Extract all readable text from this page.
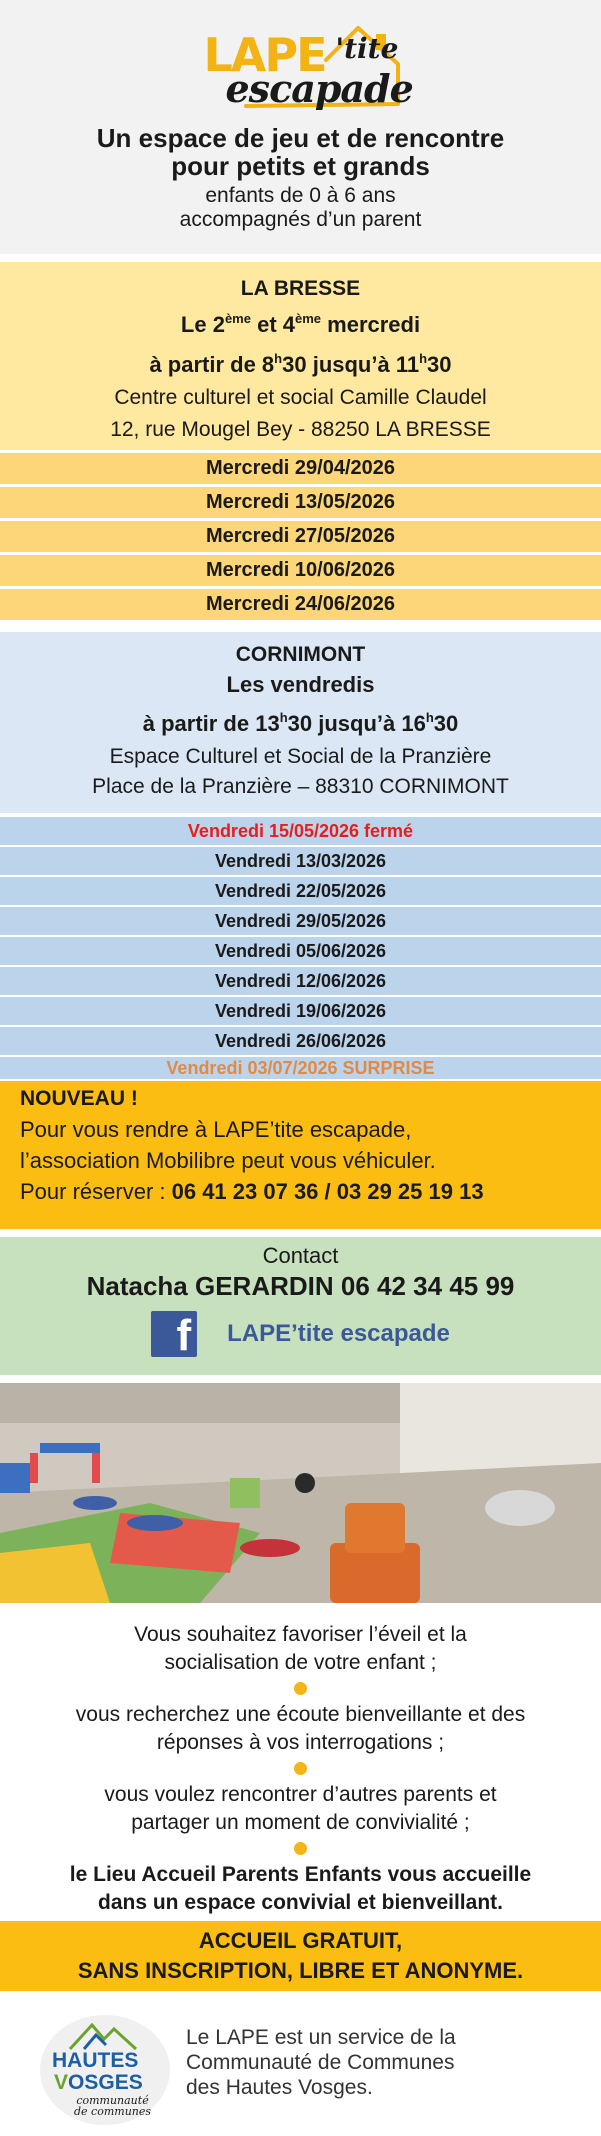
LAPE 'tite
escapade
Un espace de jeu et de rencontre
pour petits et grands
enfants de 0 à 6 ans
accompagnés d’un parent
LA BRESSE
Le 2ème et 4ème mercredi
à partir de 8$^h$30 jusqu’à 11$^h$30
Centre culturel et social Camille Claudel
12, rue Mougel Bey - 88250 LA BRESSE
Mercredi 29/04/2026
Mercredi 13/05/2026
Mercredi 27/05/2026
Mercredi 10/06/2026
Mercredi 24/06/2026
CORNIMONT
Les vendredis
à partir de 13$^h$30 jusqu’à 16$^h$30
Espace Culturel et Social de la Pranzière
Place de la Pranzière – 88310 CORNIMONT
Vendredi 15/05/2026 fermé
Vendredi 13/03/2026
Vendredi 22/05/2026
Vendredi 29/05/2026
Vendredi 05/06/2026
Vendredi 12/06/2026
Vendredi 19/06/2026
Vendredi 26/06/2026
Vendredi 03/07/2026 SURPRISE
NOUVEAU !
Pour vous rendre à LAPE’tite escapade,
l’association Mobilibre peut vous véhiculer.
Pour réserver : 06 41 23 07 36 / 03 29 25 19 13
Contact
Natacha GERARDIN 06 42 34 45 99
f LAPE’tite escapade

Vous souhaitez favoriser l’éveil et la

socialisation de votre enfant ;

vous recherchez une écoute bienveillante et des

réponses à vos interrogations ;

vous voulez rencontrer d’autres parents et

partager un moment de convivialité ;

le Lieu Accueil Parents Enfants vous accueille

dans un espace convivial et bienveillant.

ACCUEIL GRATUIT,
SANS INSCRIPTION, LIBRE ET ANONYME.
HAUTES
VOSGES
communauté
de communes
Le LAPE est un service de la
Communauté de Communes
des Hautes Vosges.
